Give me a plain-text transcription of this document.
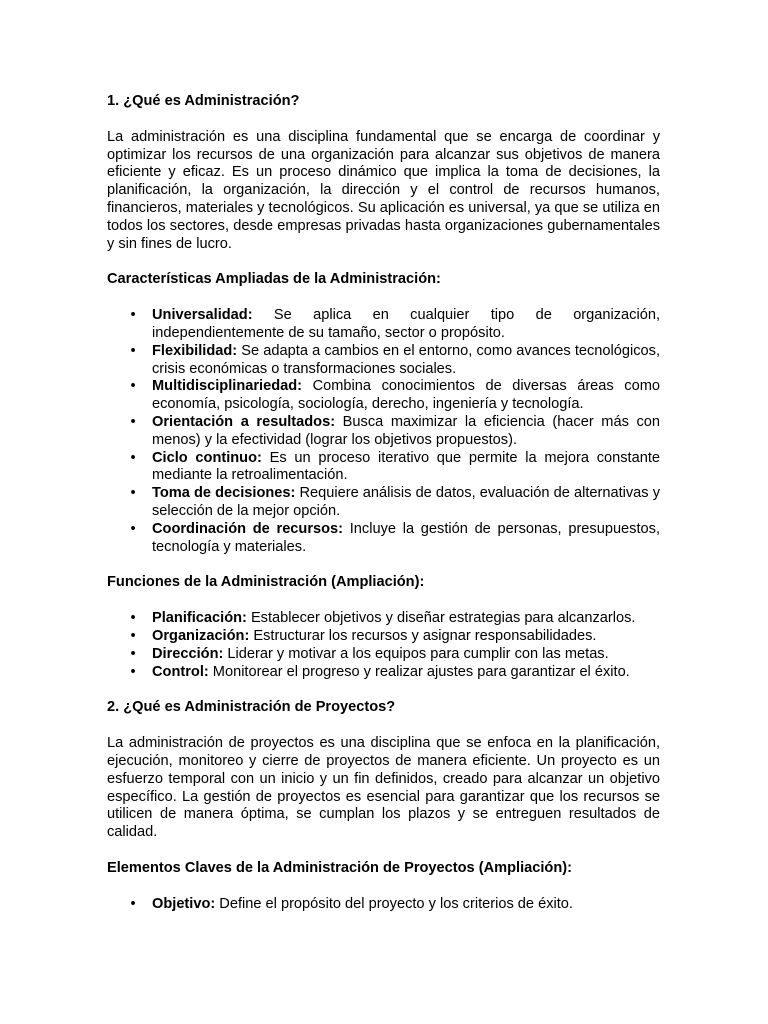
1. ¿Qué es Administración?

La administración es una disciplina fundamental que se encarga de coordinar y optimizar los recursos de una organización para alcanzar sus objetivos de manera eficiente y eficaz. Es un proceso dinámico que implica la toma de decisiones, la planificación, la organización, la dirección y el control de recursos humanos, financieros, materiales y tecnológicos. Su aplicación es universal, ya que se utiliza en todos los sectores, desde empresas privadas hasta organizaciones gubernamentales y sin fines de lucro.

Características Ampliadas de la Administración:

• Universalidad: Se aplica en cualquier tipo de organización, independientemente de su tamaño, sector o propósito.
• Flexibilidad: Se adapta a cambios en el entorno, como avances tecnológicos, crisis económicas o transformaciones sociales.
• Multidisciplinariedad: Combina conocimientos de diversas áreas como economía, psicología, sociología, derecho, ingeniería y tecnología.
• Orientación a resultados: Busca maximizar la eficiencia (hacer más con menos) y la efectividad (lograr los objetivos propuestos).
• Ciclo continuo: Es un proceso iterativo que permite la mejora constante mediante la retroalimentación.
• Toma de decisiones: Requiere análisis de datos, evaluación de alternativas y selección de la mejor opción.
• Coordinación de recursos: Incluye la gestión de personas, presupuestos, tecnología y materiales.

Funciones de la Administración (Ampliación):

• Planificación: Establecer objetivos y diseñar estrategias para alcanzarlos.
• Organización: Estructurar los recursos y asignar responsabilidades.
• Dirección: Liderar y motivar a los equipos para cumplir con las metas.
• Control: Monitorear el progreso y realizar ajustes para garantizar el éxito.

2. ¿Qué es Administración de Proyectos?

La administración de proyectos es una disciplina que se enfoca en la planificación, ejecución, monitoreo y cierre de proyectos de manera eficiente. Un proyecto es un esfuerzo temporal con un inicio y un fin definidos, creado para alcanzar un objetivo específico. La gestión de proyectos es esencial para garantizar que los recursos se utilicen de manera óptima, se cumplan los plazos y se entreguen resultados de calidad.

Elementos Claves de la Administración de Proyectos (Ampliación):

• Objetivo: Define el propósito del proyecto y los criterios de éxito.
